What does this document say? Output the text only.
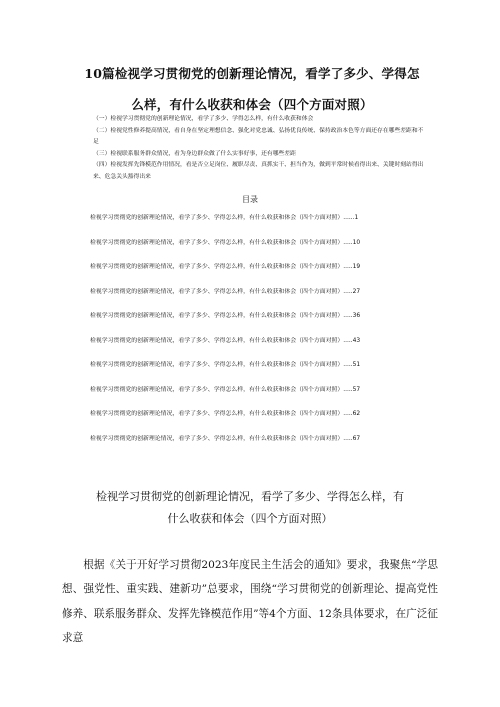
10篇检视学习贯彻党的创新理论情况，看学了多少、学得怎
么样，有什么收获和体会（四个方面对照）

（一）检视学习贯彻党的创新理论情况，看学了多少、学得怎么样，有什么收获和体会

（二）检视党性修养提高情况，看自身在坚定理想信念、强化对党忠诚、弘扬优良传统、保持政治本色等方面还存在哪些差距和不足

（三）检视联系服务群众情况，看为身边群众做了什么实事好事，还有哪些差距

（四）检视发挥先锋模范作用情况，看是否立足岗位、履职尽责、真抓实干、担当作为，做到平常时候看得出来、关键时刻站得出来、危急关头豁得出来

目录
检视学习贯彻党的创新理论情况，看学了多少、学得怎么样，有什么收获和体会（四个方面对照）......1
检视学习贯彻党的创新理论情况，看学了多少、学得怎么样，有什么收获和体会（四个方面对照）.....10
检视学习贯彻党的创新理论情况，看学了多少、学得怎么样，有什么收获和体会（四个方面对照）.....19
检视学习贯彻党的创新理论情况，看学了多少、学得怎么样，有什么收获和体会（四个方面对照）.....27
检视学习贯彻党的创新理论情况，看学了多少、学得怎么样，有什么收获和体会（四个方面对照）.....36
检视学习贯彻党的创新理论情况，看学了多少、学得怎么样，有什么收获和体会（四个方面对照）.....43
检视学习贯彻党的创新理论情况，看学了多少、学得怎么样，有什么收获和体会（四个方面对照）.....51
检视学习贯彻党的创新理论情况，看学了多少、学得怎么样，有什么收获和体会（四个方面对照）.....57
检视学习贯彻党的创新理论情况，看学了多少、学得怎么样，有什么收获和体会（四个方面对照）.....62
检视学习贯彻党的创新理论情况，看学了多少、学得怎么样，有什么收获和体会（四个方面对照）.....67
检视学习贯彻党的创新理论情况，看学了多少、学得怎么样，有
什么收获和体会（四个方面对照）

根据《关于开好学习贯彻2023年度民主生活会的通知》要求，我聚焦“学思想、强党性、重实践、建新功”总要求，围绕“学习贯彻党的创新理论、提高党性修养、联系服务群众、发挥先锋模范作用”等4个方面、12条具体要求，在广泛征求意
